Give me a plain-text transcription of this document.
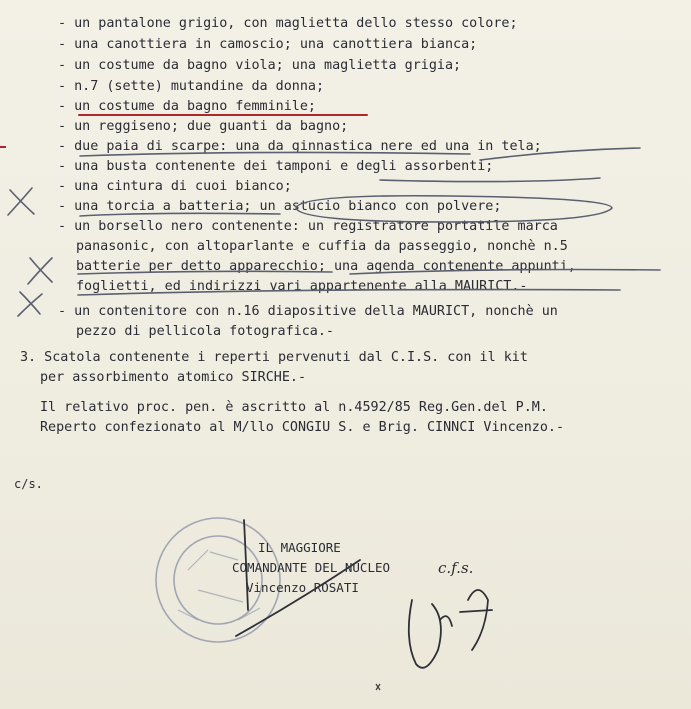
- un pantalone grigio, con maglietta dello stesso colore;
- una canottiera in camoscio; una canottiera bianca;
- un costume da bagno viola; una maglietta grigia;
- n.7 (sette) mutandine da donna;
- un costume da bagno femminile;
- un reggiseno; due guanti da bagno;
- due paia di scarpe: una da ginnastica nere ed una in tela;
- una busta contenente dei tamponi e degli assorbenti;
- una cintura di cuoi bianco;
- una torcia a batteria; un astucio bianco con polvere;
- un borsello nero contenente: un registratore portatile marca
panasonic, con altoparlante e cuffia da passeggio, nonchè n.5
batterie per detto apparecchio; una agenda contenente appunti,
foglietti, ed indirizzi vari appartenente alla MAURICT.-
- un contenitore con n.16 diapositive della MAURICT, nonchè un
pezzo di pellicola fotografica.-
3. Scatola contenente i reperti pervenuti dal C.I.S. con il kit
per assorbimento atomico SIRCHE.-
Il relativo proc. pen. è ascritto al n.4592/85 Reg.Gen.del P.M.
Reperto confezionato al M/llo CONGIU S. e Brig. CINNCI Vincenzo.-
c/s.
IL MAGGIORE
COMANDANTE DEL NUCLEO
Vincenzo ROSATI
c.f.s.
